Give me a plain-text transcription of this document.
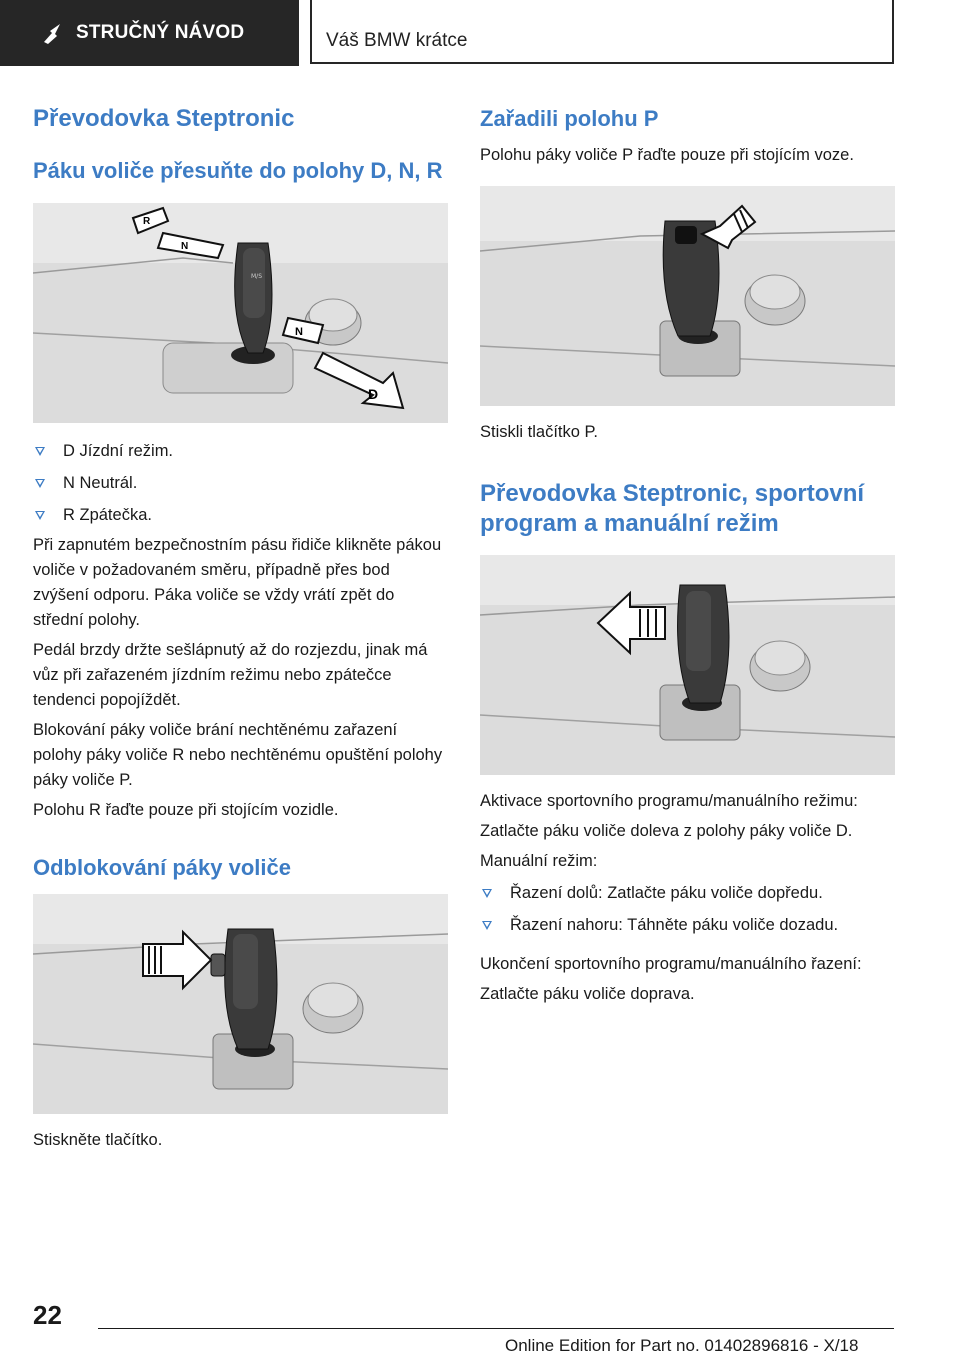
STRUČNÝ NÁVOD	Váš BMW krátce
Převodovka Steptronic
Páku voliče přesuňte do polohy D, N, R
M/S
R
N
N
D
D Jízdní režim.
N Neutrál.
R Zpátečka.

Při zapnutém bezpečnostním pásu řidiče klikněte pákou voliče v požadovaném směru, případně přes bod zvýšení odporu. Páka voliče se vždy vrátí zpět do střední polohy.

Pedál brzdy držte sešlápnutý až do rozjezdu, jinak má vůz při zařazeném jízdním režimu nebo zpátečce tendenci popojíždět.

Blokování páky voliče brání nechtěnému zařazení polohy páky voliče R nebo nechtěnému opuštění polohy páky voliče P.

Polohu R řaďte pouze při stojícím vozidle.

Odblokování páky voliče

Stiskněte tlačítko.

Zařadili polohu P

Polohu páky voliče P řaďte pouze při stojícím voze.

Stiskli tlačítko P.

Převodovka Steptronic, sportovní program a manuální režim

Aktivace sportovního programu/manuálního režimu:

Zatlačte páku voliče doleva z polohy páky voliče D.

Manuální režim:

Řazení dolů: Zatlačte páku voliče dopředu.
Řazení nahoru: Táhněte páku voliče dozadu.

Ukončení sportovního programu/manuálního řazení:

Zatlačte páku voliče doprava.

22
Online Edition for Part no. 01402896816 - X/18
